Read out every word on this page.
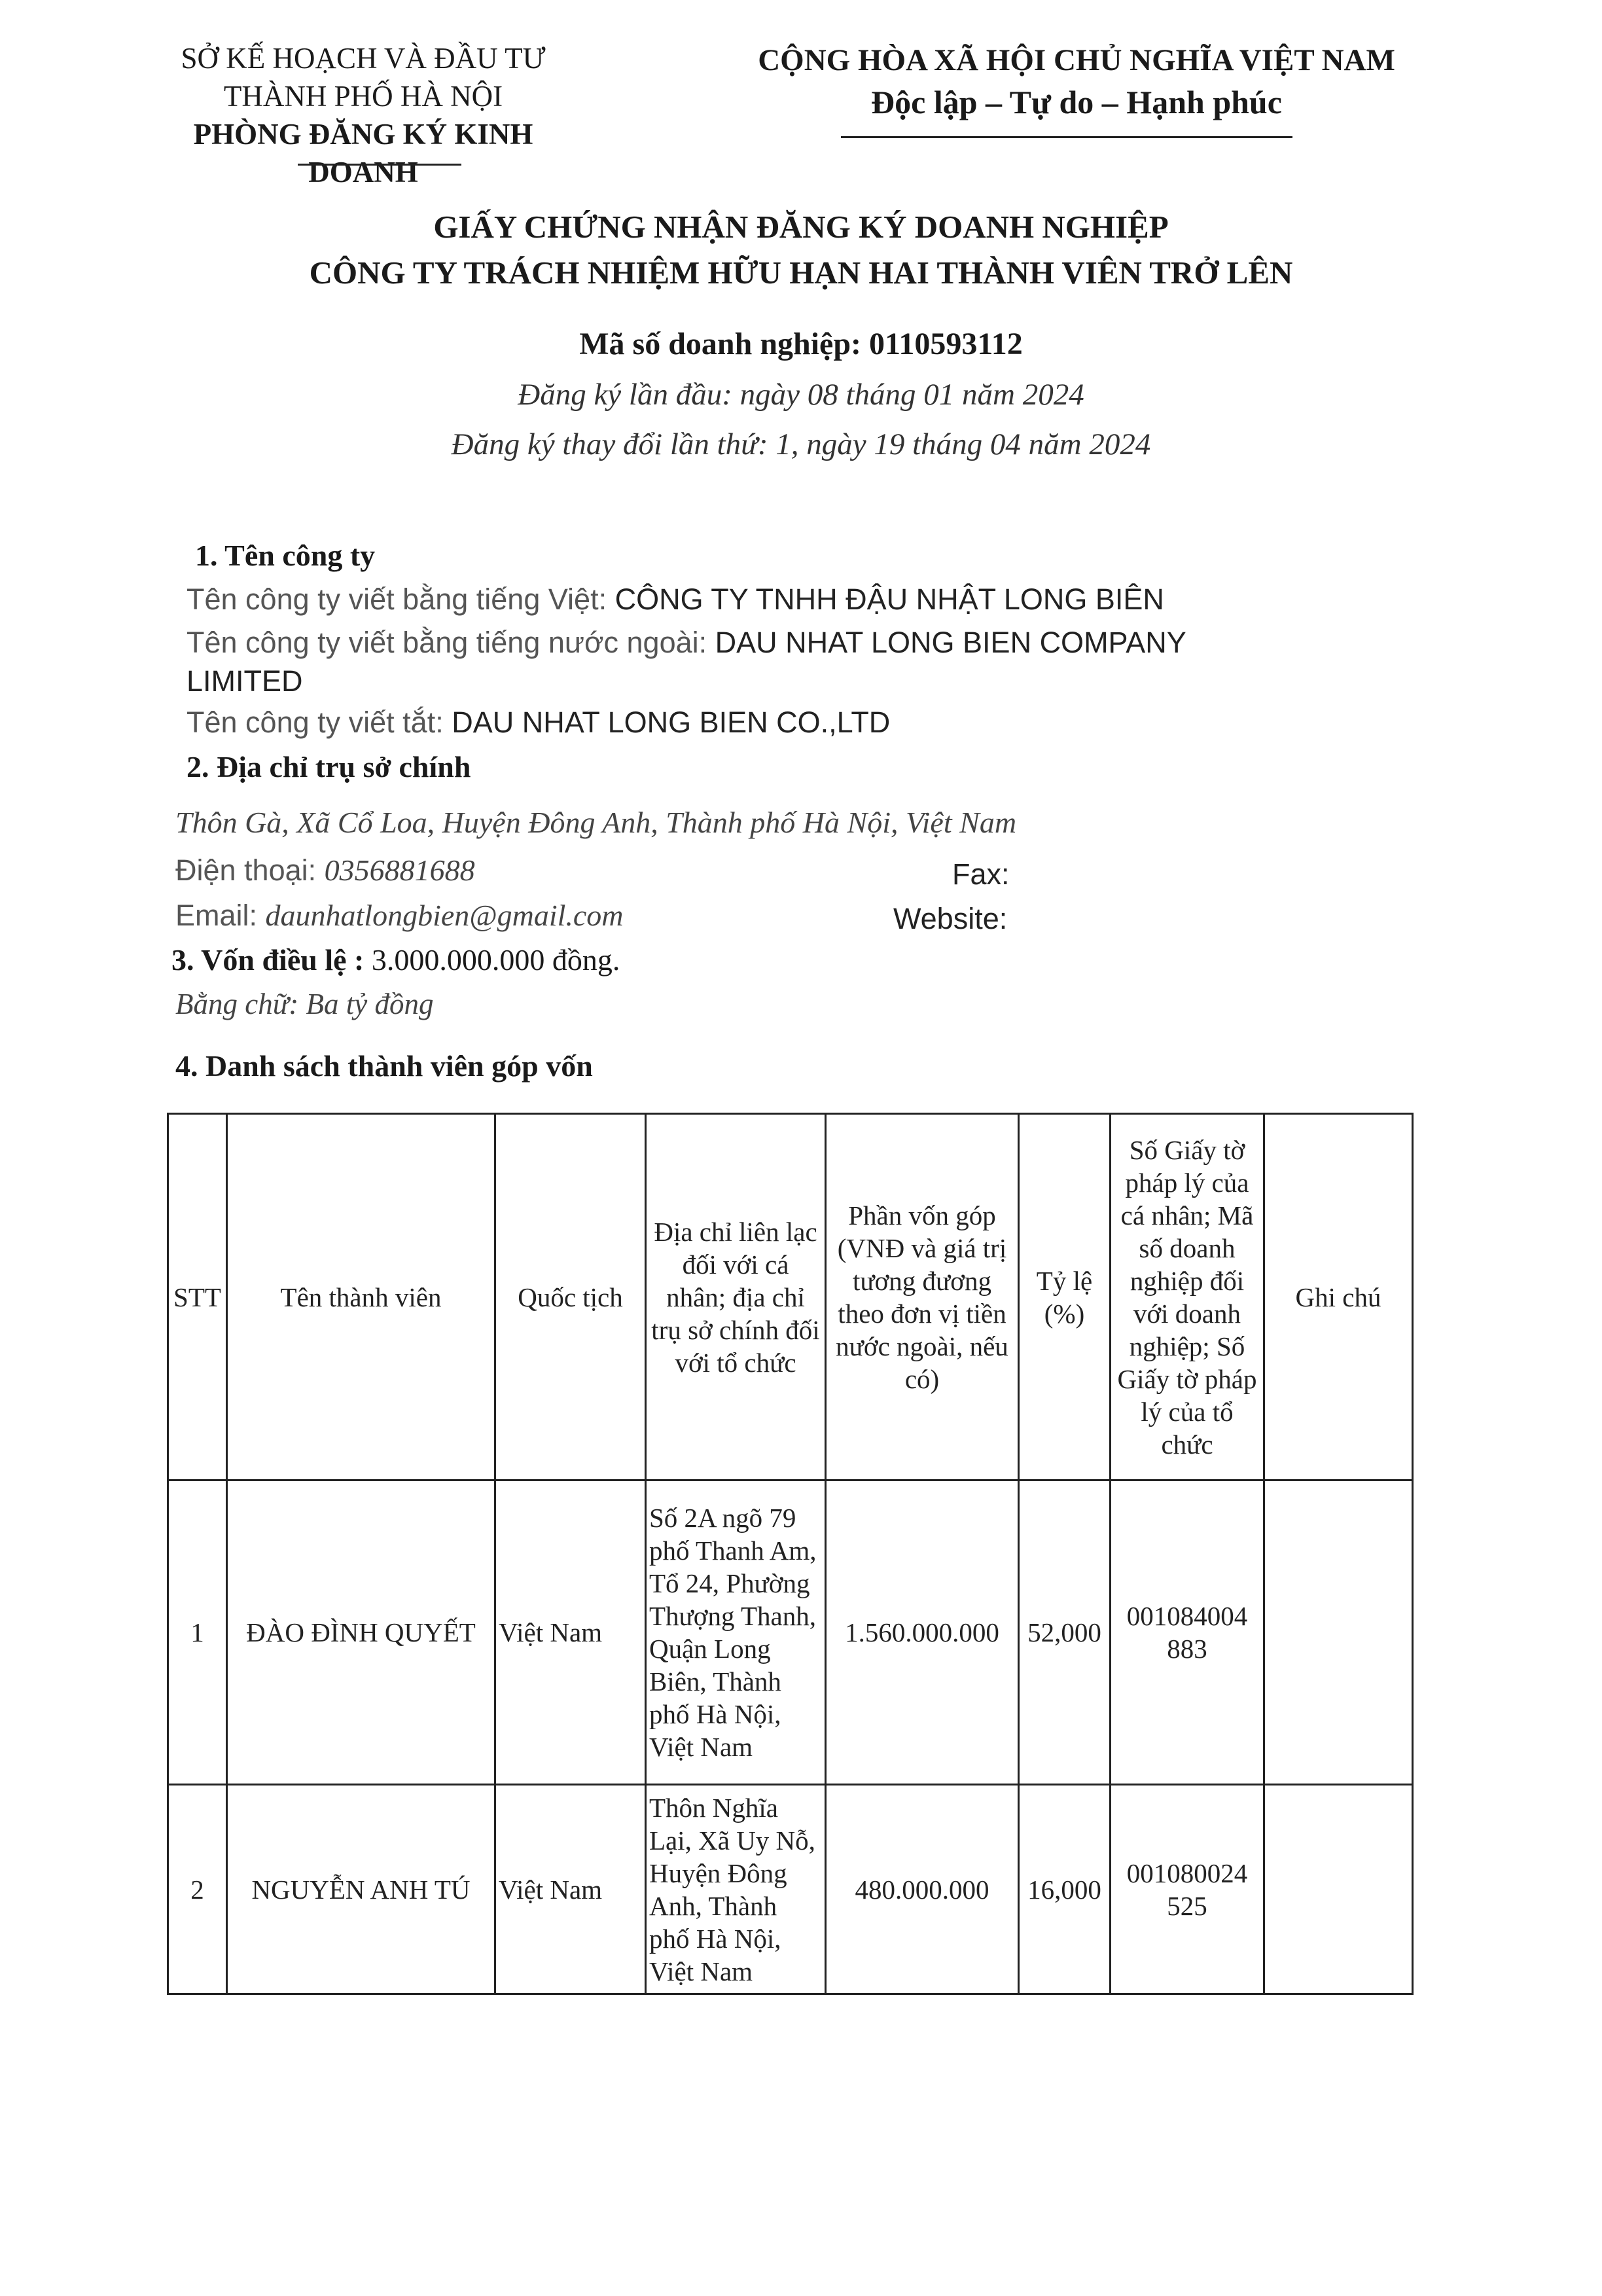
SỞ KẾ HOẠCH VÀ ĐẦU TƯ
THÀNH PHỐ HÀ NỘI
PHÒNG ĐĂNG KÝ KINH DOANH
CỘNG HÒA XÃ HỘI CHỦ NGHĨA VIỆT NAM
Độc lập – Tự do – Hạnh phúc
GIẤY CHỨNG NHẬN ĐĂNG KÝ DOANH NGHIỆP
CÔNG TY TRÁCH NHIỆM HỮU HẠN HAI THÀNH VIÊN TRỞ LÊN
Mã số doanh nghiệp: 0110593112
Đăng ký lần đầu: ngày 08 tháng 01 năm 2024
Đăng ký thay đổi lần thứ: 1, ngày 19 tháng 04 năm 2024
1. Tên công ty
Tên công ty viết bằng tiếng Việt: CÔNG TY TNHH ĐẬU NHẬT LONG BIÊN
Tên công ty viết bằng tiếng nước ngoài: DAU NHAT LONG BIEN COMPANY
LIMITED
Tên công ty viết tắt: DAU NHAT LONG BIEN CO.,LTD
2. Địa chỉ trụ sở chính
Thôn Gà, Xã Cổ Loa, Huyện Đông Anh, Thành phố Hà Nội, Việt Nam
Điện thoại: 0356881688	Fax:
Email: daunhatlongbien@gmail.com	Website:
3. Vốn điều lệ : 3.000.000.000 đồng.
Bằng chữ: Ba tỷ đồng
4. Danh sách thành viên góp vốn
STT	Tên thành viên	Quốc tịch	Địa chỉ liên lạc đối với cá nhân; địa chỉ trụ sở chính đối với tổ chức	Phần vốn góp (VNĐ và giá trị tương đương theo đơn vị tiền nước ngoài, nếu có)	Tỷ lệ (%)	Số Giấy tờ pháp lý của cá nhân; Mã số doanh nghiệp đối với doanh nghiệp; Số Giấy tờ pháp lý của tổ chức	Ghi chú
1	ĐÀO ĐÌNH QUYẾT	Việt Nam	Số 2A ngõ 79 phố Thanh Am, Tổ 24, Phường Thượng Thanh, Quận Long Biên, Thành phố Hà Nội, Việt Nam	1.560.000.000	52,000	001084004 883	
2	NGUYỄN ANH TÚ	Việt Nam	Thôn Nghĩa Lại, Xã Uy Nỗ, Huyện Đông Anh, Thành phố Hà Nội, Việt Nam	480.000.000	16,000	001080024 525	
